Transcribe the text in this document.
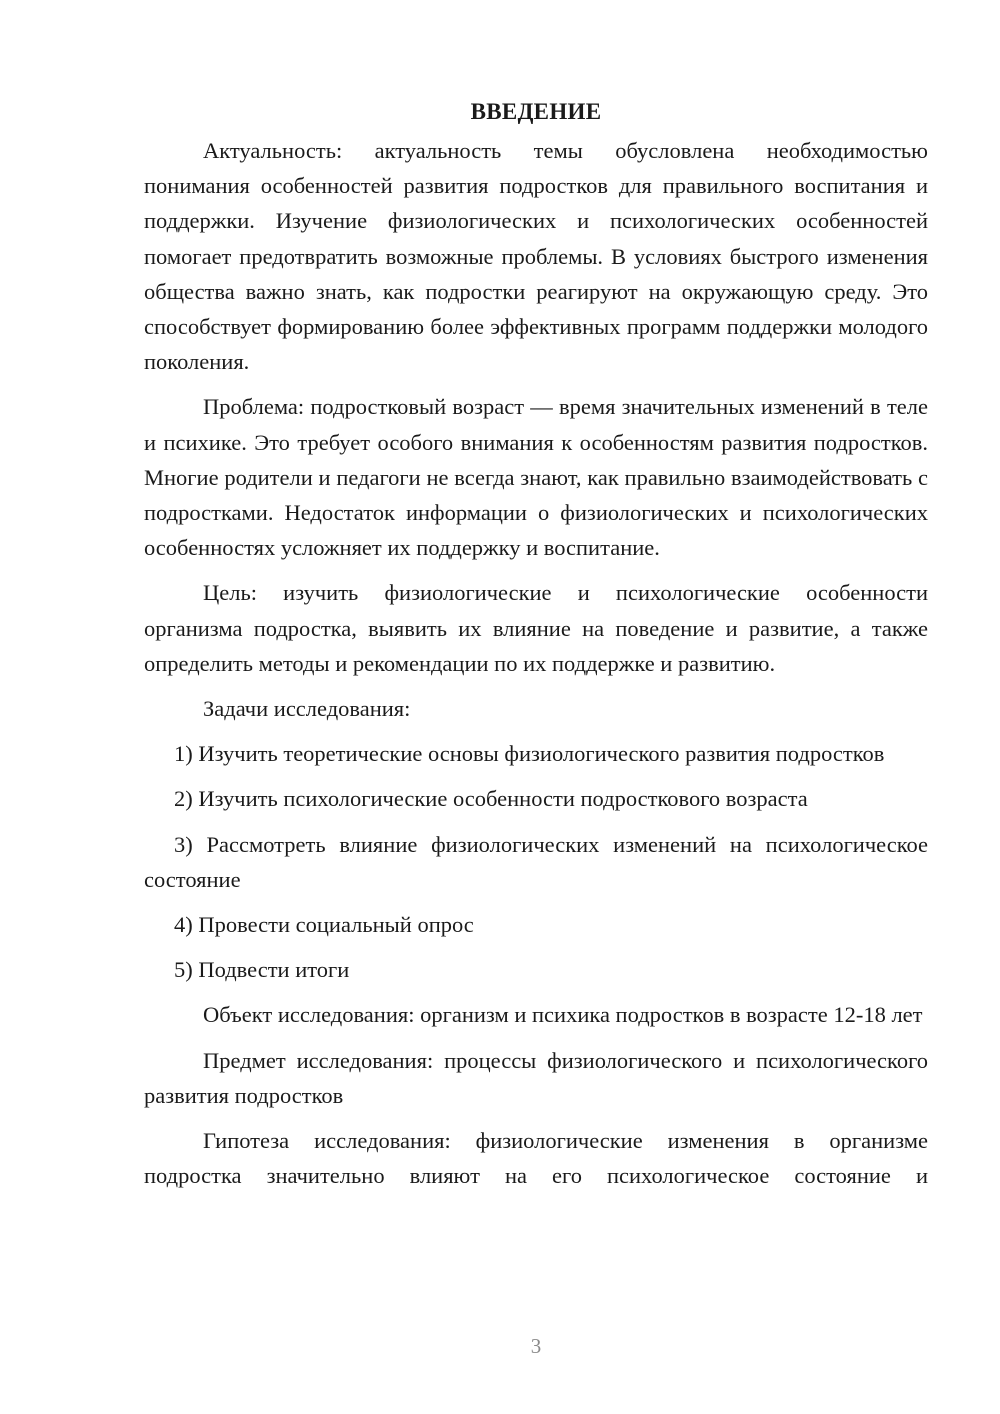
ВВЕДЕНИЕ

Актуальность: актуальность темы обусловлена необходимостью понимания особенностей развития подростков для правильного воспитания и поддержки. Изучение физиологических и психологических особенностей помогает предотвратить возможные проблемы. В условиях быстрого изменения общества важно знать, как подростки реагируют на окружающую среду. Это способствует формированию более эффективных программ поддержки молодого поколения.

Проблема: подростковый возраст — время значительных изменений в теле и психике. Это требует особого внимания к особенностям развития подростков. Многие родители и педагоги не всегда знают, как правильно взаимодействовать с подростками. Недостаток информации о физиологических и психологических особенностях усложняет их поддержку и воспитание.

Цель: изучить физиологические и психологические особенности организма подростка, выявить их влияние на поведение и развитие, а также определить методы и рекомендации по их поддержке и развитию.

Задачи исследования:

1) Изучить теоретические основы физиологического развития подростков

2) Изучить психологические особенности подросткового возраста

3) Рассмотреть влияние физиологических изменений на психологическое состояние

4) Провести социальный опрос

5) Подвести итоги

Объект исследования: организм и психика подростков в возрасте 12-18 лет

Предмет исследования: процессы физиологического и психологического развития подростков

Гипотеза исследования: физиологические изменения в организме подростка значительно влияют на его психологическое состояние и

3
